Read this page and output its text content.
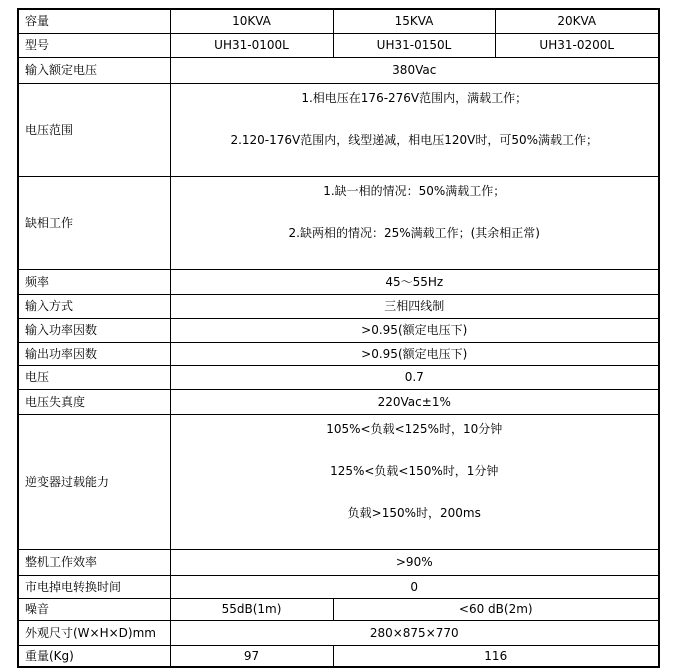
容量	10KVA	15KVA	20KVA
型号	UH31-0100L	UH31-0150L	UH31-0200L
输入额定电压	380Vac		
电压范围	1.相电压在176-276V范围内，满载工作；

2.120-176V范围内，线型递减，相电压120V时，可50%满载工作；		

缺相工作	1.缺一相的情况：50%满载工作；

2.缺两相的情况：25%满载工作；(其余相正常)		

频率	45～55Hz		
输入方式	三相四线制		
输入功率因数	>0.95(额定电压下)		
输出功率因数	>0.95(额定电压下)		
电压	0.7		
电压失真度	220Vac±1%		
逆变器过载能力	105%<负载<125%时，10分钟

125%<负载<150%时，1分钟

负载>150%时，200ms		

整机工作效率	>90%		
市电掉电转换时间	0		
噪音	55dB(1m)	<60 dB(2m)	
外观尺寸(W×H×D)mm	280×875×770		
重量(Kg)	97	116	
